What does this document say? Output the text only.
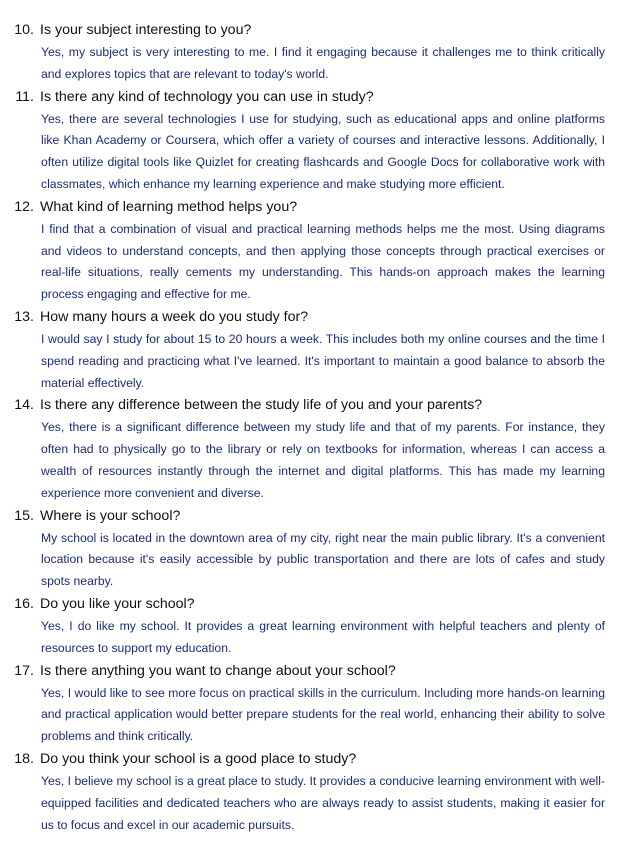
10. Is your subject interesting to you?
Yes, my subject is very interesting to me. I find it engaging because it challenges me to think critically and explores topics that are relevant to today's world.
11. Is there any kind of technology you can use in study?
Yes, there are several technologies I use for studying, such as educational apps and online platforms like Khan Academy or Coursera, which offer a variety of courses and interactive lessons. Additionally, I often utilize digital tools like Quizlet for creating flashcards and Google Docs for collaborative work with classmates, which enhance my learning experience and make studying more efficient.
12. What kind of learning method helps you?
I find that a combination of visual and practical learning methods helps me the most. Using diagrams and videos to understand concepts, and then applying those concepts through practical exercises or real-life situations, really cements my understanding. This hands-on approach makes the learning process engaging and effective for me.
13. How many hours a week do you study for?
I would say I study for about 15 to 20 hours a week. This includes both my online courses and the time I spend reading and practicing what I've learned. It's important to maintain a good balance to absorb the material effectively.
14. Is there any difference between the study life of you and your parents?
Yes, there is a significant difference between my study life and that of my parents. For instance, they often had to physically go to the library or rely on textbooks for information, whereas I can access a wealth of resources instantly through the internet and digital platforms. This has made my learning experience more convenient and diverse.
15. Where is your school?
My school is located in the downtown area of my city, right near the main public library. It's a convenient location because it's easily accessible by public transportation and there are lots of cafes and study spots nearby.
16. Do you like your school?
Yes, I do like my school. It provides a great learning environment with helpful teachers and plenty of resources to support my education.
17. Is there anything you want to change about your school?
Yes, I would like to see more focus on practical skills in the curriculum. Including more hands-on learning and practical application would better prepare students for the real world, enhancing their ability to solve problems and think critically.
18. Do you think your school is a good place to study?
Yes, I believe my school is a great place to study. It provides a conducive learning environment with well-equipped facilities and dedicated teachers who are always ready to assist students, making it easier for us to focus and excel in our academic pursuits.
